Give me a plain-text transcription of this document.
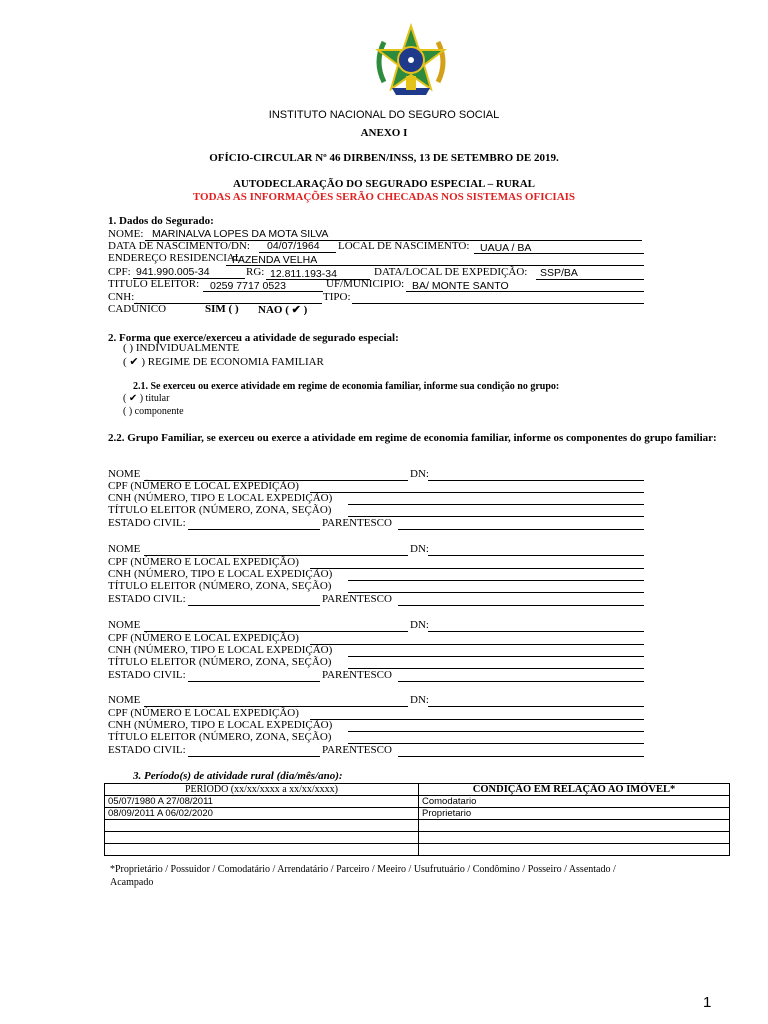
INSTITUTO NACIONAL DO SEGURO SOCIAL
ANEXO I
OFÍCIO-CIRCULAR Nº 46 DIRBEN/INSS, 13 DE SETEMBRO DE 2019.
AUTODECLARAÇÃO DO SEGURADO ESPECIAL – RURAL
TODAS AS INFORMAÇÕES SERÃO CHECADAS NOS SISTEMAS OFICIAIS
1. Dados do Segurado:
NOME: MARINALVA LOPES DA MOTA SILVA
DATA DE NASCIMENTO/DN: 04/07/1964 LOCAL DE NASCIMENTO: UAUA / BA
ENDEREÇO RESIDENCIAL:
FAZENDA VELHA
CPF: 941.990.005-34	RG: 12.811.193-34	DATA/LOCAL DE EXPEDIÇÃO: SSP/BA
TITULO ELEITOR: 0259 7717 0523	UF/MUNICIPIO: BA/ MONTE SANTO
CNH:	TIPO:
CADÚNICO	SIM ( ) NAO ( ✔ )
2. Forma que exerce/exerceu a atividade de segurado especial:
( ) INDIVIDUALMENTE
( ✔ ) REGIME DE ECONOMIA FAMILIAR
2.1. Se exerceu ou exerce atividade em regime de economia familiar, informe sua condição no grupo:
( ✔ ) titular
( ) componente
2.2. Grupo Familiar, se exerceu ou exerce a atividade em regime de economia familiar, informe os componentes do grupo familiar:
NOME	DN:
CPF (NÚMERO E LOCAL EXPEDIÇÃO)
CNH (NÚMERO, TIPO E LOCAL EXPEDIÇÃO)
TÍTULO ELEITOR (NÚMERO, ZONA, SEÇÃO)
ESTADO CIVIL:	PARENTESCO
NOME	DN:
CPF (NÚMERO E LOCAL EXPEDIÇÃO)
CNH (NÚMERO, TIPO E LOCAL EXPEDIÇÃO)
TÍTULO ELEITOR (NÚMERO, ZONA, SEÇÃO)
ESTADO CIVIL:	PARENTESCO
NOME	DN:
CPF (NÚMERO E LOCAL EXPEDIÇÃO)
CNH (NÚMERO, TIPO E LOCAL EXPEDIÇÃO)
TÍTULO ELEITOR (NÚMERO, ZONA, SEÇÃO)
ESTADO CIVIL:	PARENTESCO
NOME	DN:
CPF (NÚMERO E LOCAL EXPEDIÇÃO)
CNH (NÚMERO, TIPO E LOCAL EXPEDIÇÃO)
TÍTULO ELEITOR (NÚMERO, ZONA, SEÇÃO)
ESTADO CIVIL:	PARENTESCO
3. Período(s) de atividade rural (dia/mês/ano):
PERÍODO (xx/xx/xxxx a xx/xx/xxxx)	CONDIÇÃO EM RELAÇÃO AO IMÓVEL*
05/07/1980 A 27/08/2011	Comodatario
08/09/2011 A 06/02/2020	Proprietario

*Proprietário / Possuidor / Comodatário / Arrendatário / Parceiro / Meeiro / Usufrutuário / Condômino / Posseiro / Assentado /
Acampado
1
